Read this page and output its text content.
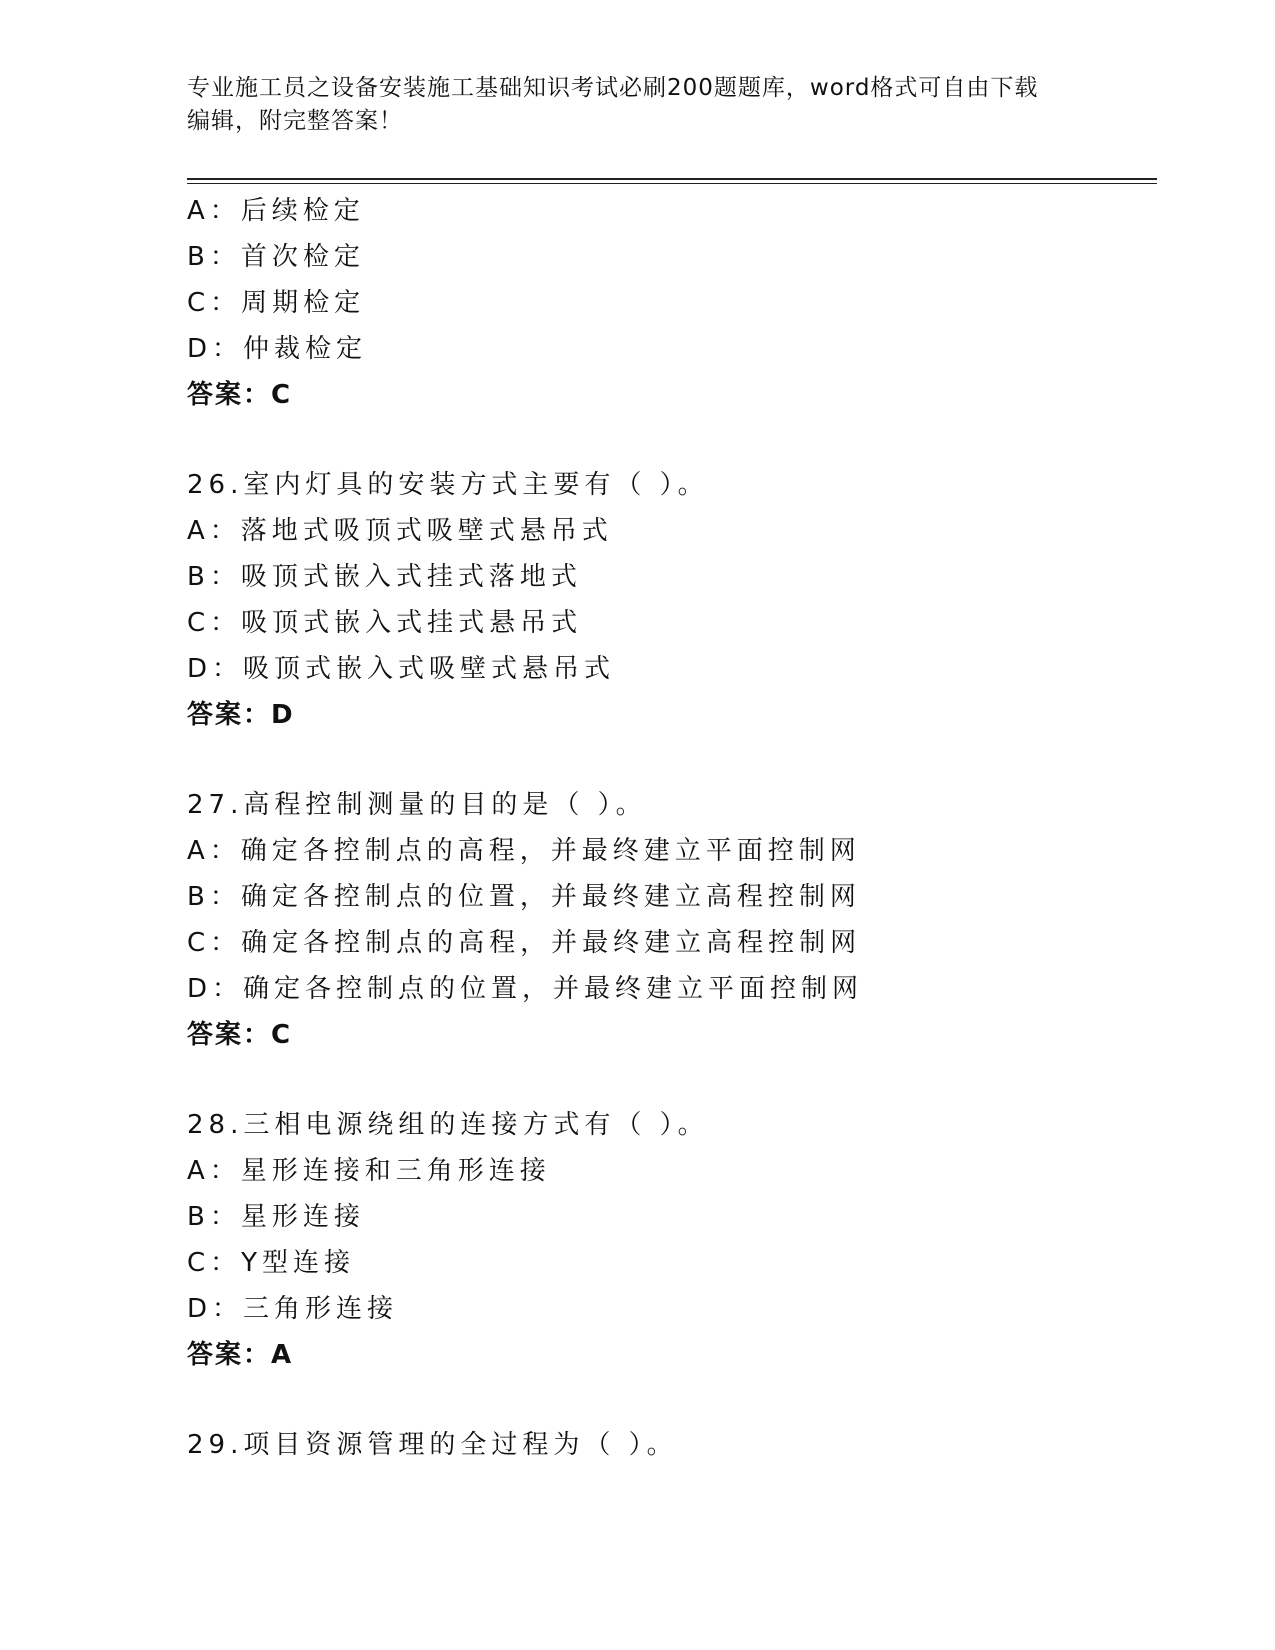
专业施工员之设备安装施工基础知识考试必刷200题题库，word格式可自由下载
编辑，附完整答案！
A：后续检定
B：首次检定
C：周期检定
D：仲裁检定
答案：C
26.室内灯具的安装方式主要有（ ）。
A：落地式吸顶式吸壁式悬吊式
B：吸顶式嵌入式挂式落地式
C：吸顶式嵌入式挂式悬吊式
D：吸顶式嵌入式吸壁式悬吊式
答案：D
27.高程控制测量的目的是（ ）。
A：确定各控制点的高程，并最终建立平面控制网
B：确定各控制点的位置，并最终建立高程控制网
C：确定各控制点的高程，并最终建立高程控制网
D：确定各控制点的位置，并最终建立平面控制网
答案：C
28.三相电源绕组的连接方式有（ ）。
A：星形连接和三角形连接
B：星形连接
C：Y型连接
D：三角形连接
答案：A
29.项目资源管理的全过程为（ ）。
